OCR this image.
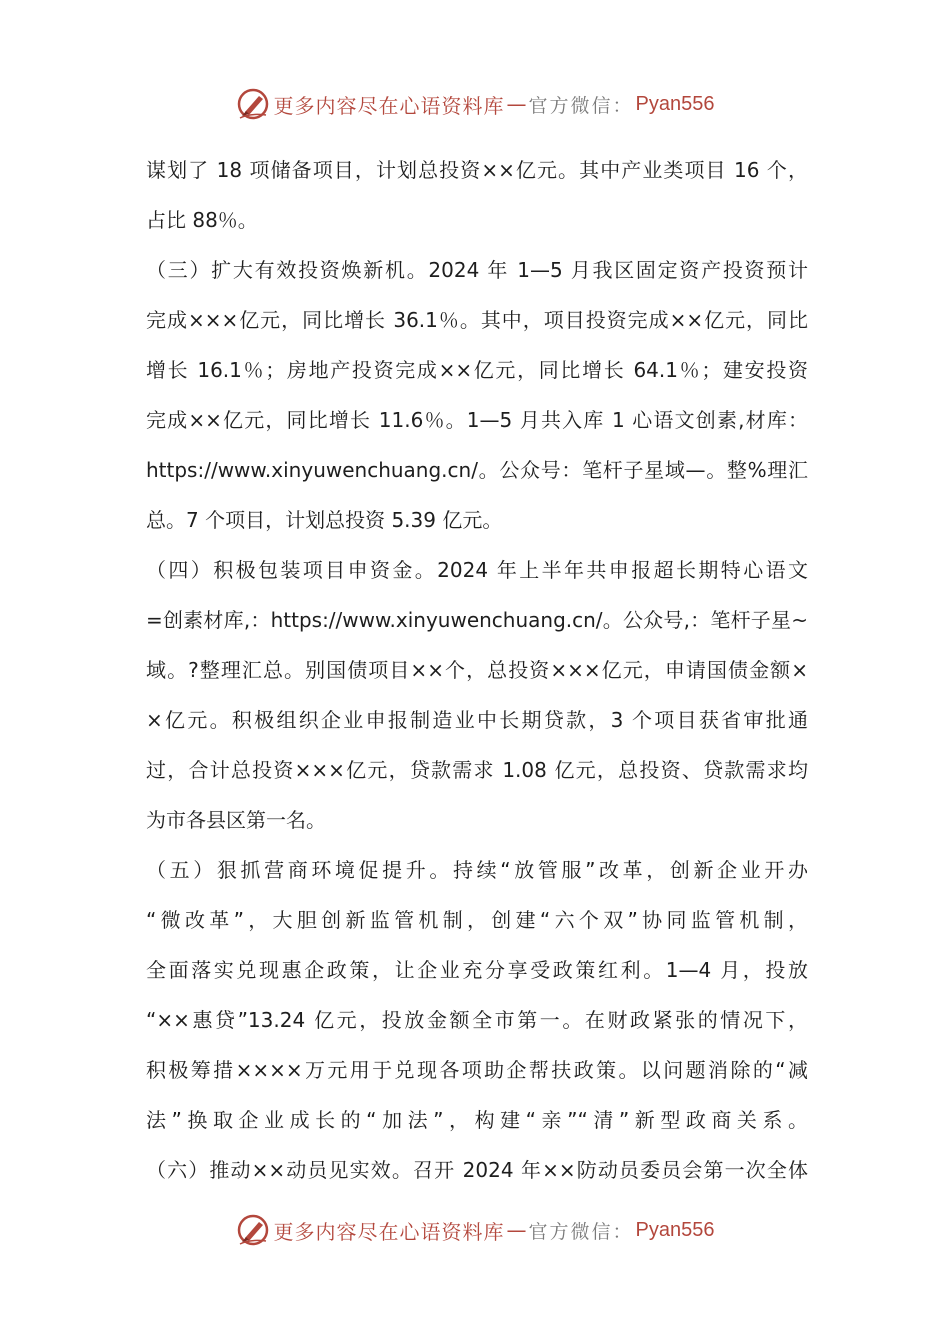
更多内容尽在心语资料库 — 官方微信： Pyan556
谋划了 18 项储备项目，计划总投资××亿元。其中产业类项目 16 个，
占比 88％。
（三）扩大有效投资焕新机。2024 年 1—5 月我区固定资产投资预计
完成×××亿元，同比增长 36.1％。其中，项目投资完成××亿元，同比
增长 16.1％；房地产投资完成××亿元，同比增长 64.1％；建安投资
完成××亿元，同比增长 11.6％。1—5 月共入库 1 心语文创素,材库：
https://www.xinyuwenchuang.cn/。公众号：笔杆子星域—。整%理汇
总。7 个项目，计划总投资 5.39 亿元。
（四）积极包装项目申资金。2024 年上半年共申报超长期特心语文
=创素材库,：https://www.xinyuwenchuang.cn/。公众号,：笔杆子星~
域。?整理汇总。别国债项目××个，总投资×××亿元，申请国债金额×
×亿元。积极组织企业申报制造业中长期贷款，3 个项目获省审批通
过，合计总投资×××亿元，贷款需求 1.08 亿元，总投资、贷款需求均
为市各县区第一名。
（五）狠抓营商环境促提升。持续“放管服”改革，创新企业开办
“微改革”，大胆创新监管机制，创建“六个双”协同监管机制，
全面落实兑现惠企政策，让企业充分享受政策红利。1—4 月，投放
“××惠贷”13.24 亿元，投放金额全市第一。在财政紧张的情况下，
积极筹措××××万元用于兑现各项助企帮扶政策。以问题消除的“减
法”换取企业成长的“加法”，构建“亲”“清”新型政商关系。
（六）推动××动员见实效。召开 2024 年××防动员委员会第一次全体
更多内容尽在心语资料库 — 官方微信： Pyan556
